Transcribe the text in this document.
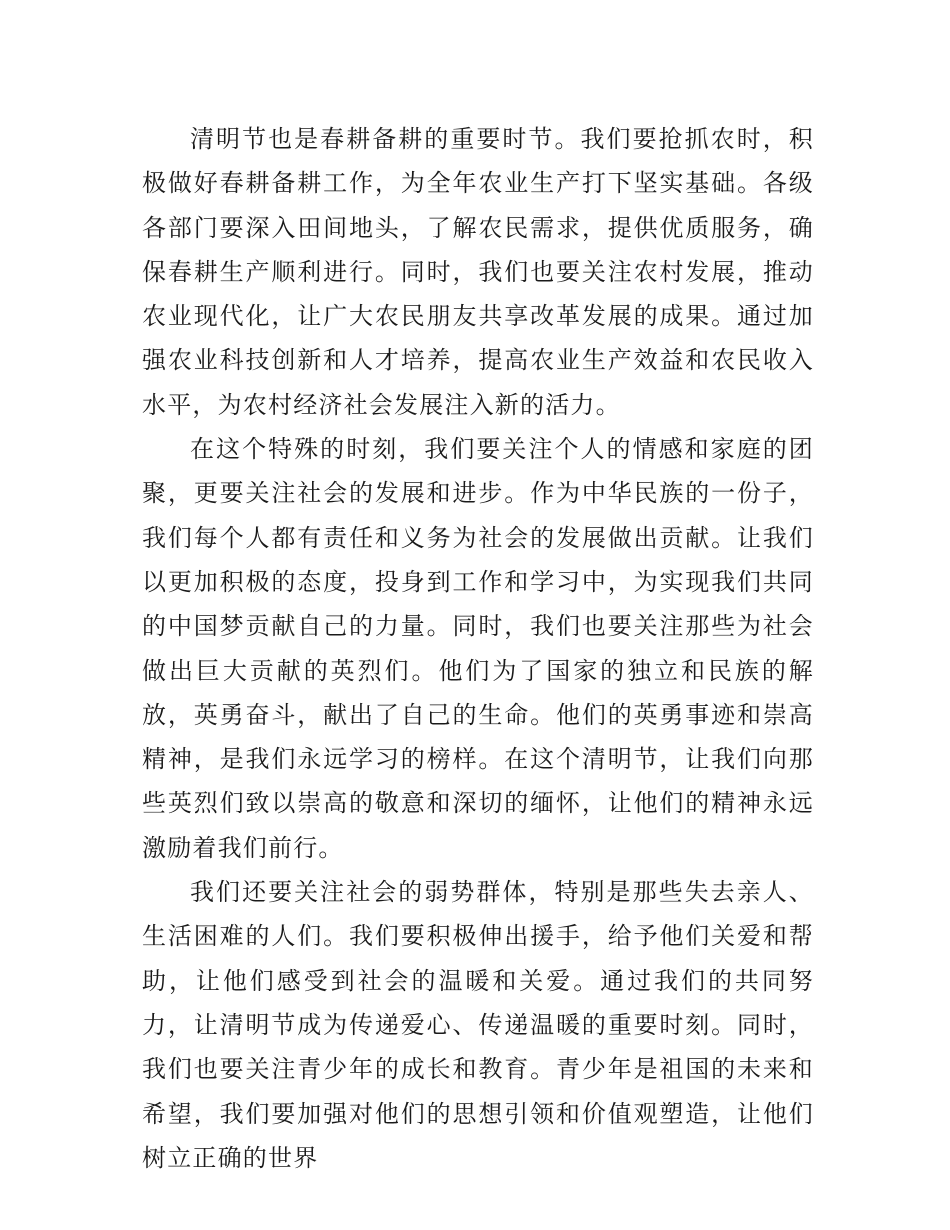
清明节也是春耕备耕的重要时节。我们要抢抓农时，积极做好春耕备耕工作，为全年农业生产打下坚实基础。各级各部门要深入田间地头，了解农民需求，提供优质服务，确保春耕生产顺利进行。同时，我们也要关注农村发展，推动农业现代化，让广大农民朋友共享改革发展的成果。通过加强农业科技创新和人才培养，提高农业生产效益和农民收入水平，为农村经济社会发展注入新的活力。

在这个特殊的时刻，我们要关注个人的情感和家庭的团聚，更要关注社会的发展和进步。作为中华民族的一份子，我们每个人都有责任和义务为社会的发展做出贡献。让我们以更加积极的态度，投身到工作和学习中，为实现我们共同的中国梦贡献自己的力量。同时，我们也要关注那些为社会做出巨大贡献的英烈们。他们为了国家的独立和民族的解放，英勇奋斗，献出了自己的生命。他们的英勇事迹和崇高精神，是我们永远学习的榜样。在这个清明节，让我们向那些英烈们致以崇高的敬意和深切的缅怀，让他们的精神永远激励着我们前行。

我们还要关注社会的弱势群体，特别是那些失去亲人、生活困难的人们。我们要积极伸出援手，给予他们关爱和帮助，让他们感受到社会的温暖和关爱。通过我们的共同努力，让清明节成为传递爱心、传递温暖的重要时刻。同时，我们也要关注青少年的成长和教育。青少年是祖国的未来和希望，我们要加强对他们的思想引领和价值观塑造，让他们树立正确的世界
